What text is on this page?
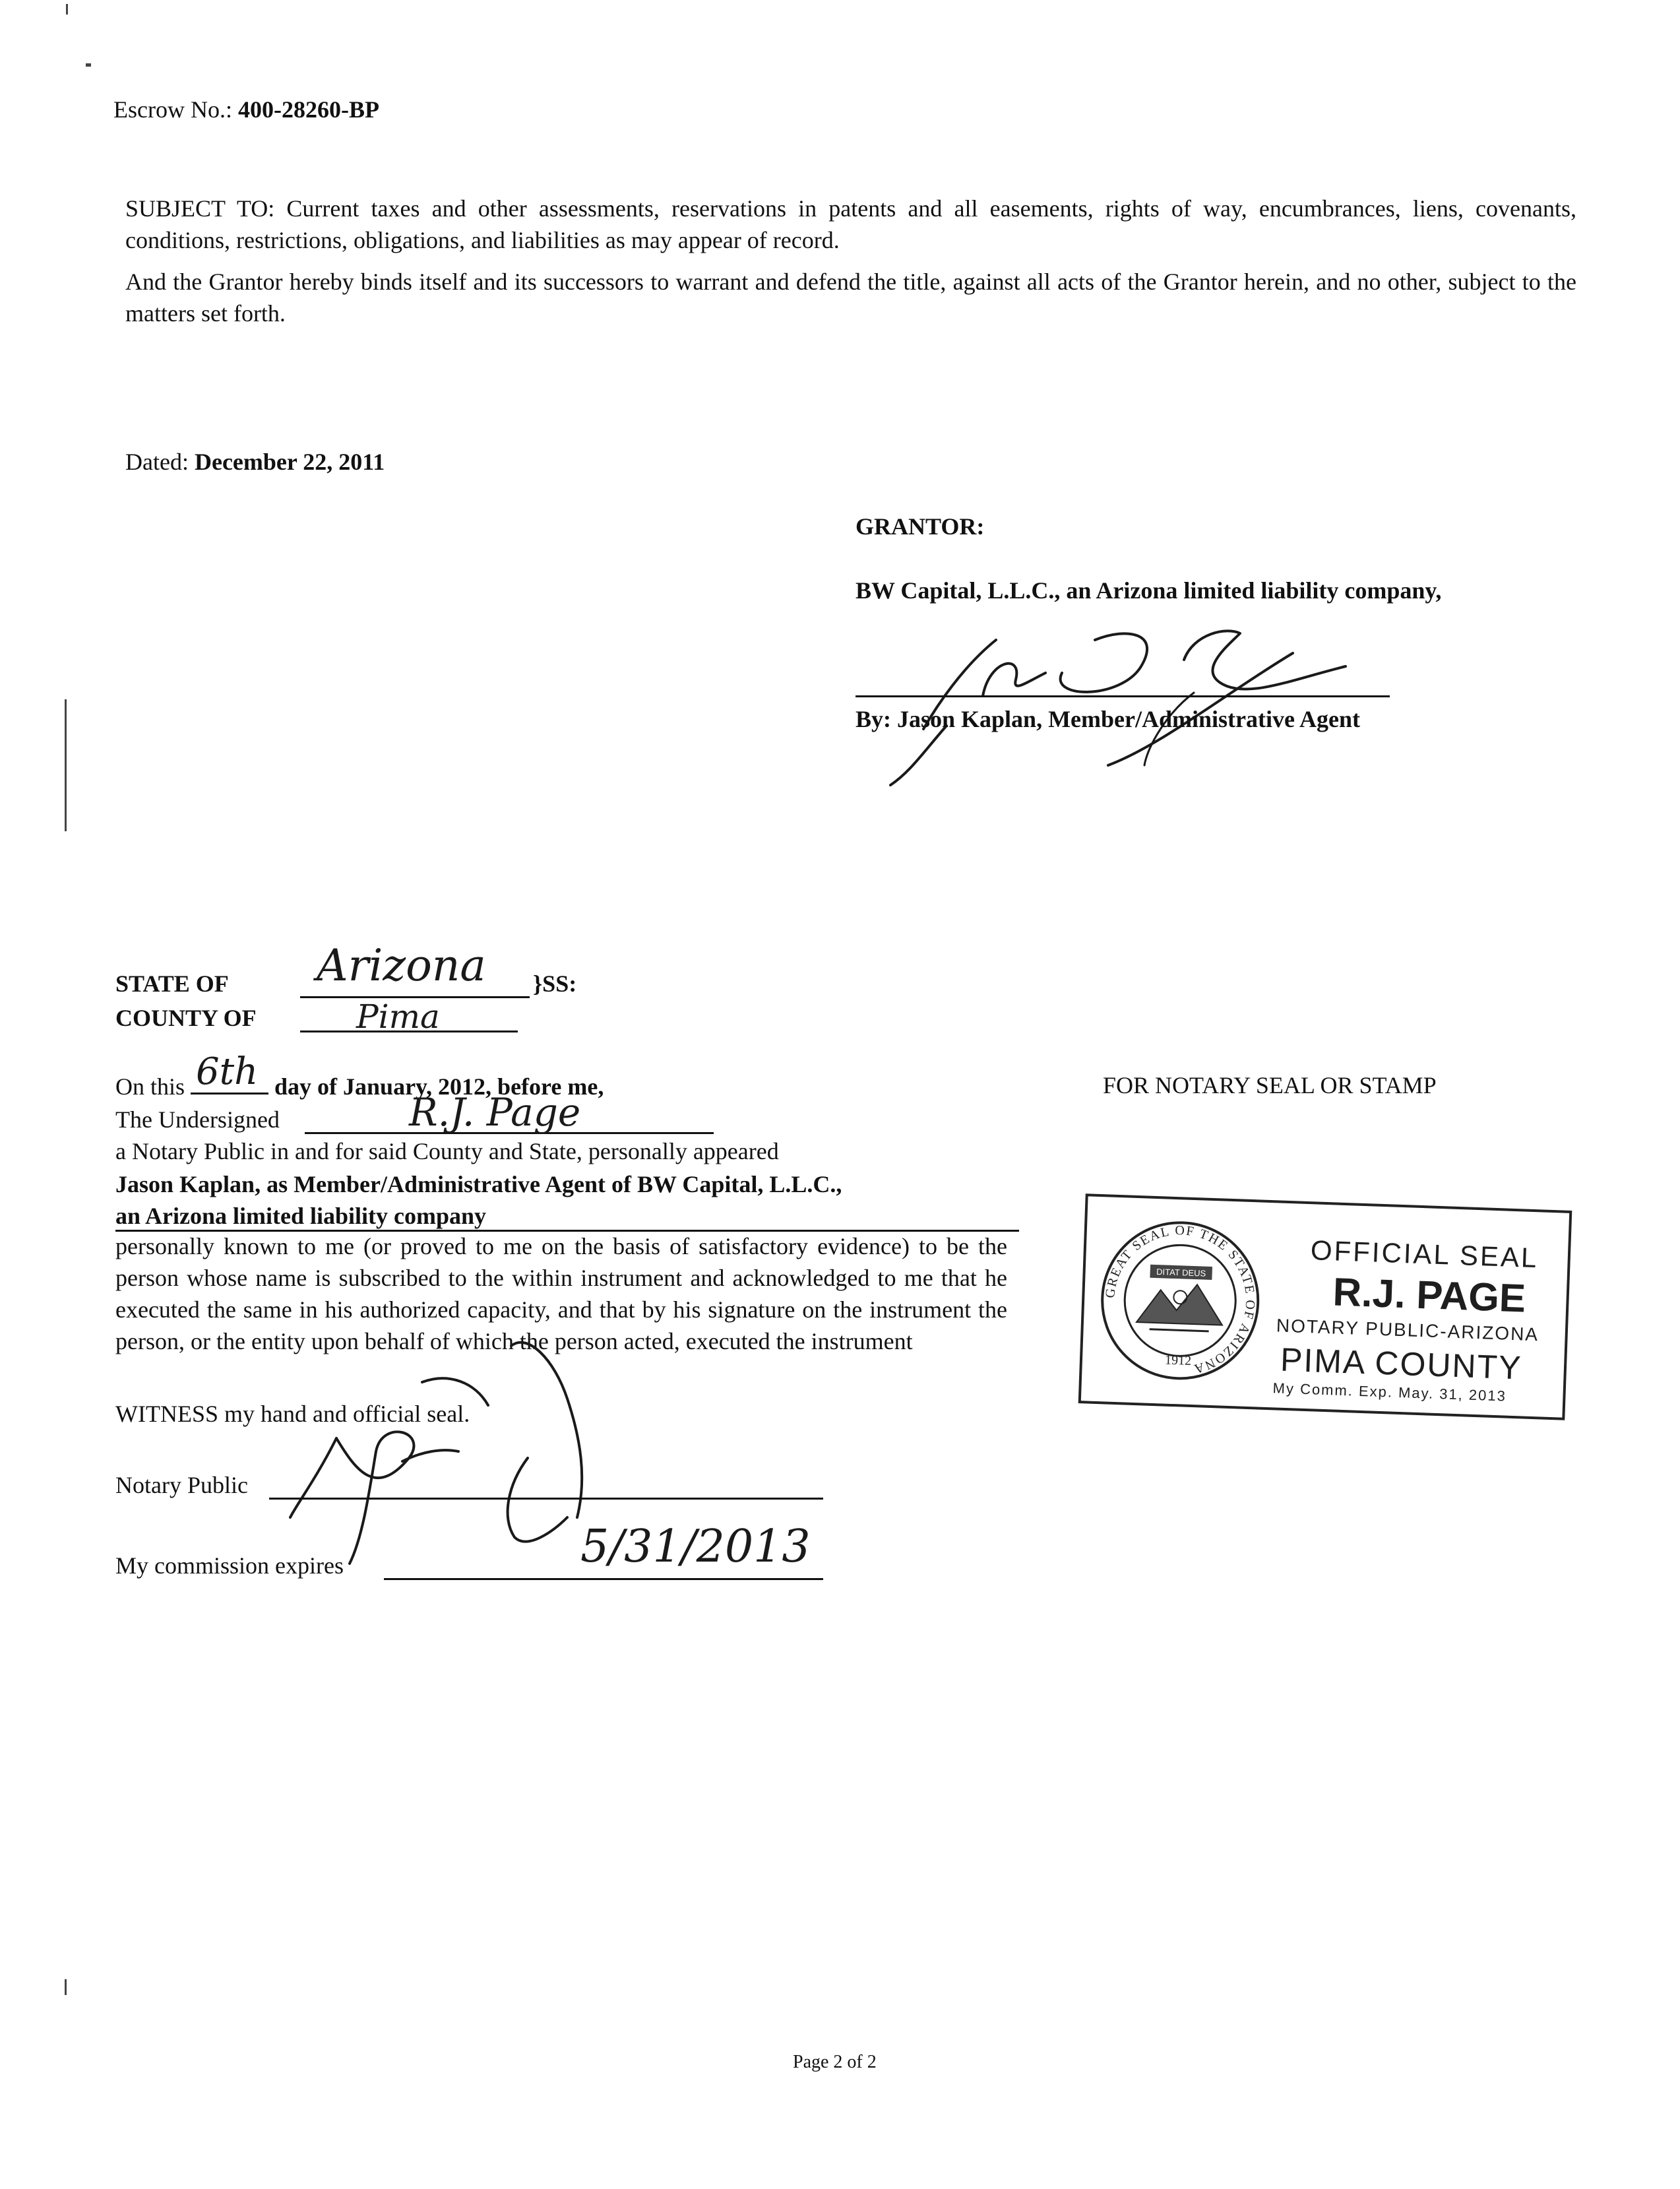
Escrow No.: 400-28260-BP
SUBJECT TO: Current taxes and other assessments, reservations in patents and all easements, rights of way, encumbrances, liens, covenants, conditions, restrictions, obligations, and liabilities as may appear of record.
And the Grantor hereby binds itself and its successors to warrant and defend the title, against all acts of the Grantor herein, and no other, subject to the matters set forth.
Dated: December 22, 2011
GRANTOR:
BW Capital, L.L.C., an Arizona limited liability company,
By: Jason Kaplan, Member/Administrative Agent
STATE OF Arizona }SS:
COUNTY OF	Pima
On this 6th day of January, 2012, before me,
The Undersigned	R.J. Page
a Notary Public in and for said County and State, personally appeared
Jason Kaplan, as Member/Administrative Agent of BW Capital, L.L.C.,
an Arizona limited liability company
personally known to me (or proved to me on the basis of satisfactory evidence) to be the person whose name is subscribed to the within instrument and acknowledged to me that he executed the same in his authorized capacity, and that by his signature on the instrument the person, or the entity upon behalf of which the person acted, executed the instrument
WITNESS my hand and official seal.
Notary Public
My commission expires	5/31/2013
FOR NOTARY SEAL OR STAMP
GREAT SEAL OF THE STATE OF ARIZONA
DITAT DEUS
1912
OFFICIAL SEAL
R.J. PAGE
NOTARY PUBLIC-ARIZONA
PIMA COUNTY
My Comm. Exp. May. 31, 2013
Page 2 of 2
